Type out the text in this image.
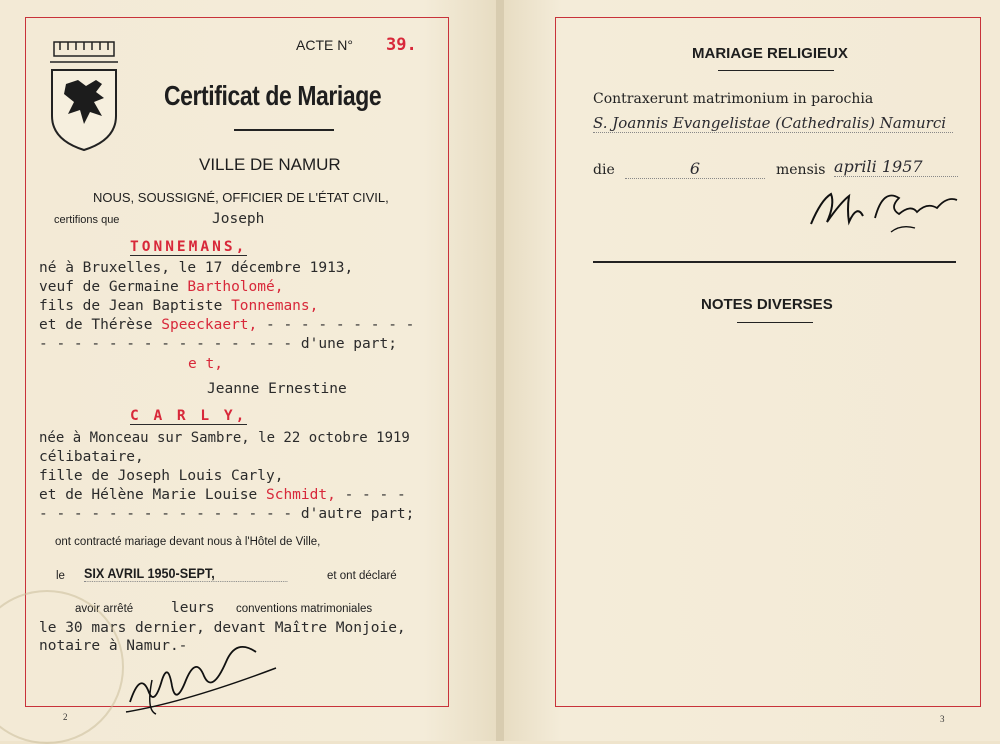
ACTE N° 39.
Certificat de Mariage
VILLE DE NAMUR
NOUS, SOUSSIGNÉ, OFFICIER DE L'ÉTAT CIVIL,
certifions que	Joseph
TONNEMANS,
né à Bruxelles, le 17 décembre 1913,
veuf de Germaine Bartholomé,
fils de Jean Baptiste Tonnemans,
et de Thérèse Speeckaert, - - - - - - - - -
- - - - - - - - - - - - - - - d'une part;
e t,
Jeanne Ernestine
C A R L Y,
née à Monceau sur Sambre, le 22 octobre 1919
célibataire,
fille de Joseph Louis Carly,
et de Hélène Marie Louise Schmidt, - - - -
- - - - - - - - - - - - - - - d'autre part;
ont contracté mariage devant nous à l'Hôtel de Ville,
le SIX AVRIL 1950-SEPT,	et ont déclaré
avoir arrêté	leurs conventions matrimoniales
le 30 mars dernier, devant Maître Monjoie,
notaire à Namur.-
2
MARIAGE RELIGIEUX
Contraxerunt matrimonium in parochia
S. Joannis Evangelistae (Cathedralis) Namurci
die	6	mensis aprili 1957
NOTES DIVERSES
3
